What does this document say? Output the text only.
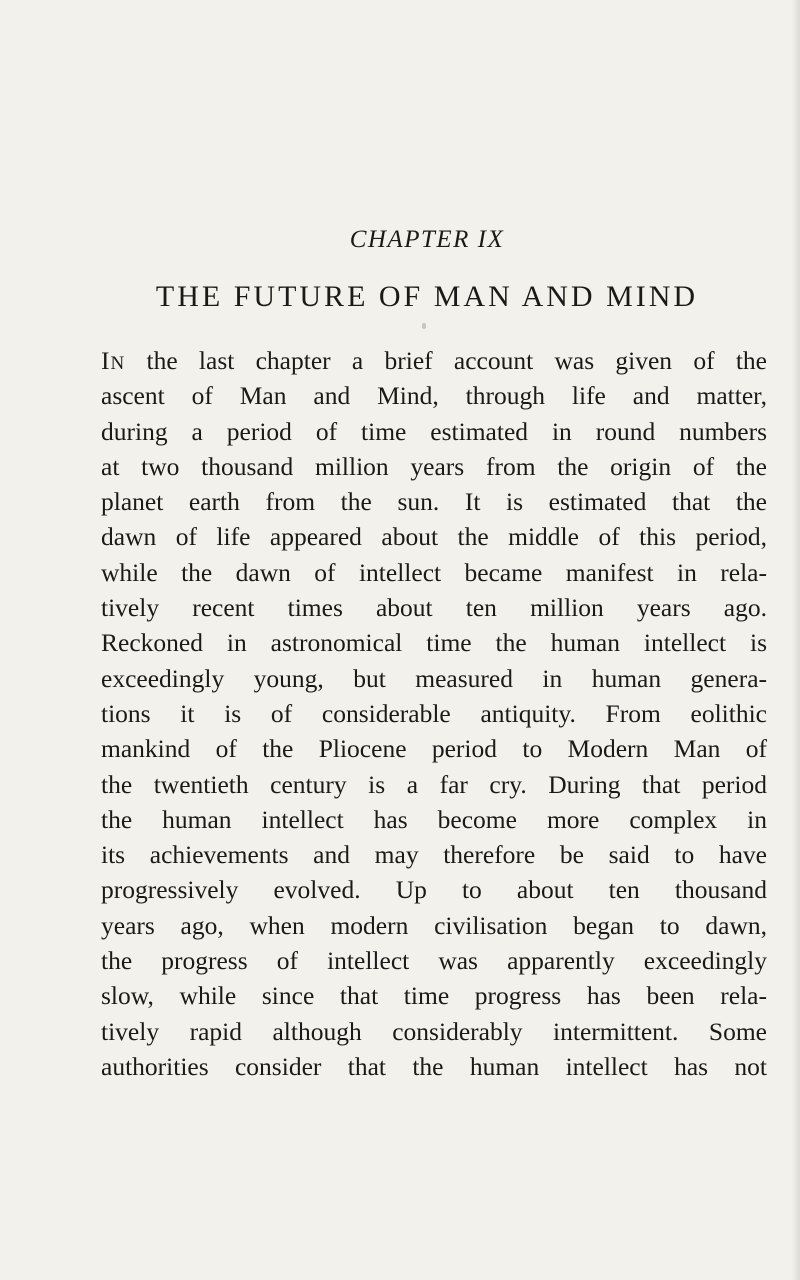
CHAPTER IX
THE FUTURE OF MAN AND MIND
IN the last chapter a brief account was given of the
ascent of Man and Mind, through life and matter,
during a period of time estimated in round numbers
at two thousand million years from the origin of the
planet earth from the sun. It is estimated that the
dawn of life appeared about the middle of this period,
while the dawn of intellect became manifest in rela-
tively recent times about ten million years ago.
Reckoned in astronomical time the human intellect is
exceedingly young, but measured in human genera-
tions it is of considerable antiquity. From eolithic
mankind of the Pliocene period to Modern Man of
the twentieth century is a far cry. During that period
the human intellect has become more complex in
its achievements and may therefore be said to have
progressively evolved. Up to about ten thousand
years ago, when modern civilisation began to dawn,
the progress of intellect was apparently exceedingly
slow, while since that time progress has been rela-
tively rapid although considerably intermittent. Some
authorities consider that the human intellect has not
